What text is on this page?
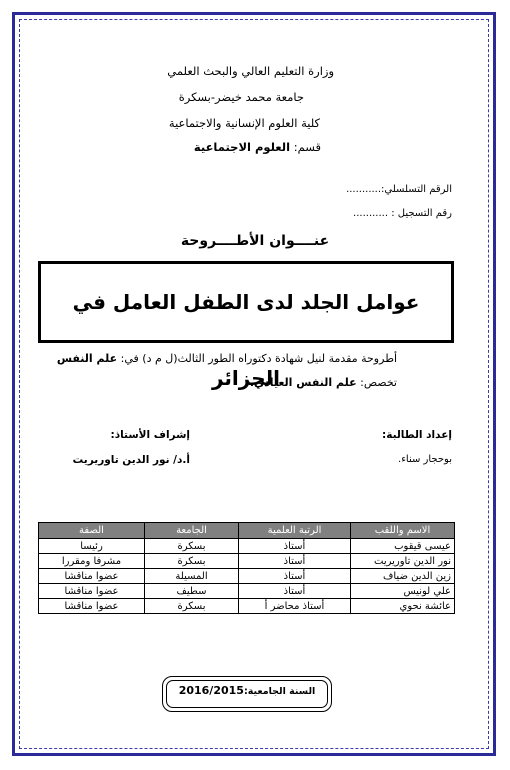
وزارة التعليم العالي والبحث العلمي
جامعة محمد خيضر-بسكرة
كلية العلوم الإنسانية والاجتماعية
قسم: العلوم الاجتماعية
الرقم التسلسلي:...........
رقم التسجيل : ...........
عنــــوان الأطــــروحة
عوامل الجلد لدى الطفل العامل في الجزائر
أطروحة مقدمة لنيل شهادة دكتوراه الطور الثالث(ل م د) في: علم النفس
تخصص: علم النفس العيادي.
إعداد الطالبة:
إشراف الأستاذ:
بوحجار سناء.
أ.د/ نور الدين تاوريريت
الاسم واللقب	الرتبة العلمية	الجامعة	الصفة
عيسى قيقوب	أستاذ	بسكرة	رئيسا
نور الدين تاوريريت	أستاذ	بسكرة	مشرفا ومقررا
زين الدين ضياف	أستاذ	المسيلة	عضوا مناقشا
علي لونيس	أستاذ	سطيف	عضوا مناقشا
عائشة نحوي	أستاذ محاضر أ	بسكرة	عضوا مناقشا
السنة الجامعية:2016/2015
